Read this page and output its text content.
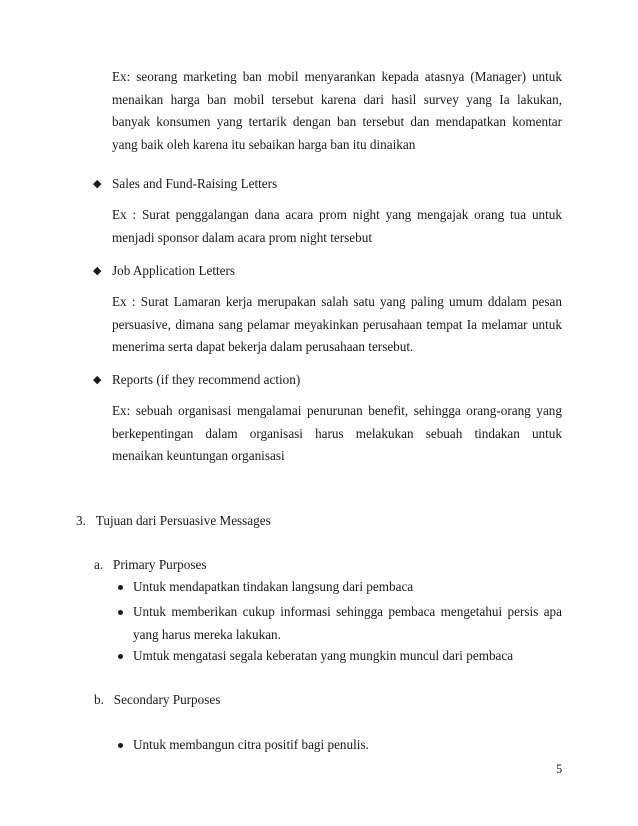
Ex: seorang marketing ban mobil menyarankan kepada atasnya (Manager) untuk
menaikan harga ban mobil tersebut karena dari hasil survey yang Ia lakukan,
banyak konsumen yang tertarik dengan ban tersebut dan mendapatkan komentar
yang baik oleh karena itu sebaikan harga ban itu dinaikan
◆ Sales and Fund-Raising Letters
Ex : Surat penggalangan dana acara prom night yang mengajak orang tua untuk
menjadi sponsor dalam acara prom night tersebut
◆ Job Application Letters
Ex : Surat Lamaran kerja merupakan salah satu yang paling umum ddalam pesan
persuasive, dimana sang pelamar meyakinkan perusahaan tempat Ia melamar untuk
menerima serta dapat bekerja dalam perusahaan tersebut.
◆ Reports (if they recommend action)
Ex: sebuah organisasi mengalamai penurunan benefit, sehingga orang-orang yang
berkepentingan dalam organisasi harus melakukan sebuah tindakan untuk
menaikan keuntungan organisasi
3.   Tujuan dari Persuasive Messages
a.   Primary Purposes
Untuk mendapatkan tindakan langsung dari pembaca
Untuk memberikan cukup informasi sehingga pembaca mengetahui persis apa
yang harus mereka lakukan.
Umtuk mengatasi segala keberatan yang mungkin muncul dari pembaca
b.   Secondary Purposes
Untuk membangun citra positif bagi penulis.
5
